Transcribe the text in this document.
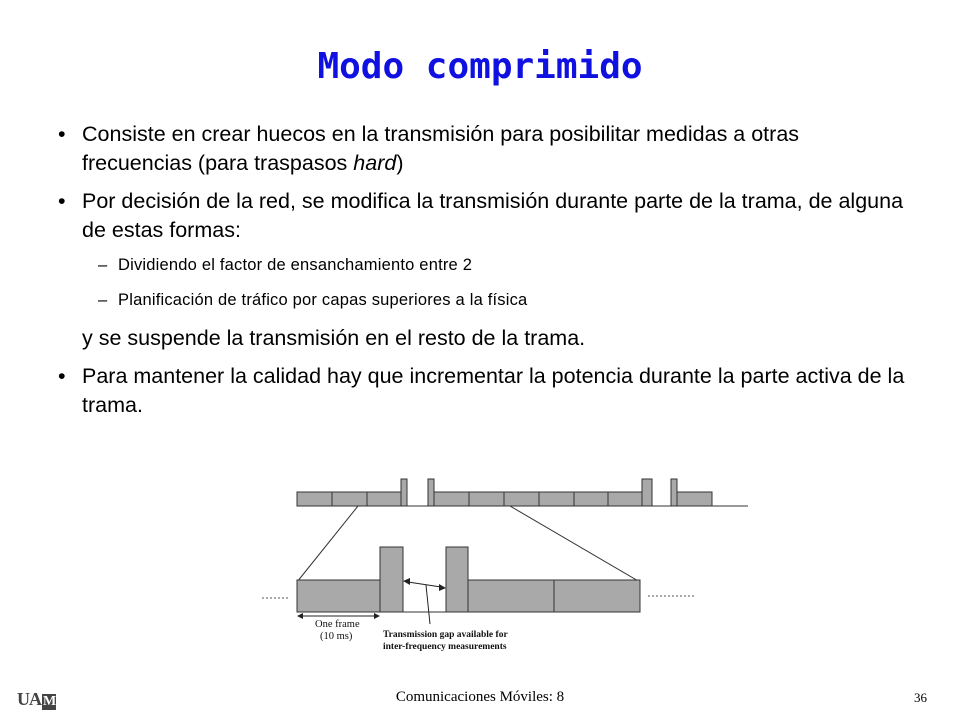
Modo comprimido
• Consiste en crear huecos en la transmisión para posibilitar medidas a otras frecuencias (para traspasos hard)
• Por decisión de la red, se modifica la transmisión durante parte de la trama, de alguna de estas formas:
– Dividiendo el factor de ensanchamiento entre 2
– Planificación de tráfico por capas superiores a la física
y se suspende la transmisión en el resto de la trama.
• Para mantener la calidad hay que incrementar la potencia durante la parte activa de la trama.
One frame
(10 ms)	Transmission gap available for
inter-frequency measurements
UA M	Comunicaciones Móviles: 8	36
